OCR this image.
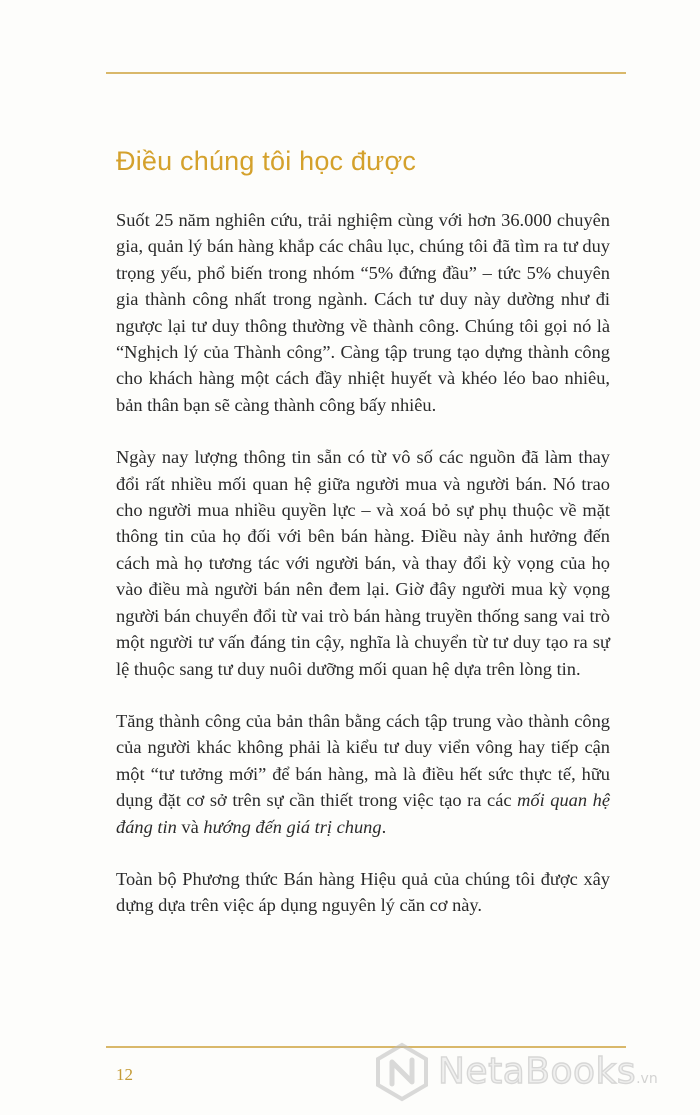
Điều chúng tôi học được

Suốt 25 năm nghiên cứu, trải nghiệm cùng với hơn 36.000 chuyên gia, quản lý bán hàng khắp các châu lục, chúng tôi đã tìm ra tư duy trọng yếu, phổ biến trong nhóm “5% đứng đầu” – tức 5% chuyên gia thành công nhất trong ngành. Cách tư duy này dường như đi ngược lại tư duy thông thường về thành công. Chúng tôi gọi nó là “Nghịch lý của Thành công”. Càng tập trung tạo dựng thành công cho khách hàng một cách đầy nhiệt huyết và khéo léo bao nhiêu, bản thân bạn sẽ càng thành công bấy nhiêu.

Ngày nay lượng thông tin sẵn có từ vô số các nguồn đã làm thay đổi rất nhiều mối quan hệ giữa người mua và người bán. Nó trao cho người mua nhiều quyền lực – và xoá bỏ sự phụ thuộc về mặt thông tin của họ đối với bên bán hàng. Điều này ảnh hưởng đến cách mà họ tương tác với người bán, và thay đổi kỳ vọng của họ vào điều mà người bán nên đem lại. Giờ đây người mua kỳ vọng người bán chuyển đổi từ vai trò bán hàng truyền thống sang vai trò một người tư vấn đáng tin cậy, nghĩa là chuyển từ tư duy tạo ra sự lệ thuộc sang tư duy nuôi dưỡng mối quan hệ dựa trên lòng tin.

Tăng thành công của bản thân bằng cách tập trung vào thành công của người khác không phải là kiểu tư duy viển vông hay tiếp cận một “tư tưởng mới” để bán hàng, mà là điều hết sức thực tế, hữu dụng đặt cơ sở trên sự cần thiết trong việc tạo ra các mối quan hệ đáng tin và hướng đến giá trị chung.

Toàn bộ Phương thức Bán hàng Hiệu quả của chúng tôi được xây dựng dựa trên việc áp dụng nguyên lý căn cơ này.

12	NetaBooks.vn
